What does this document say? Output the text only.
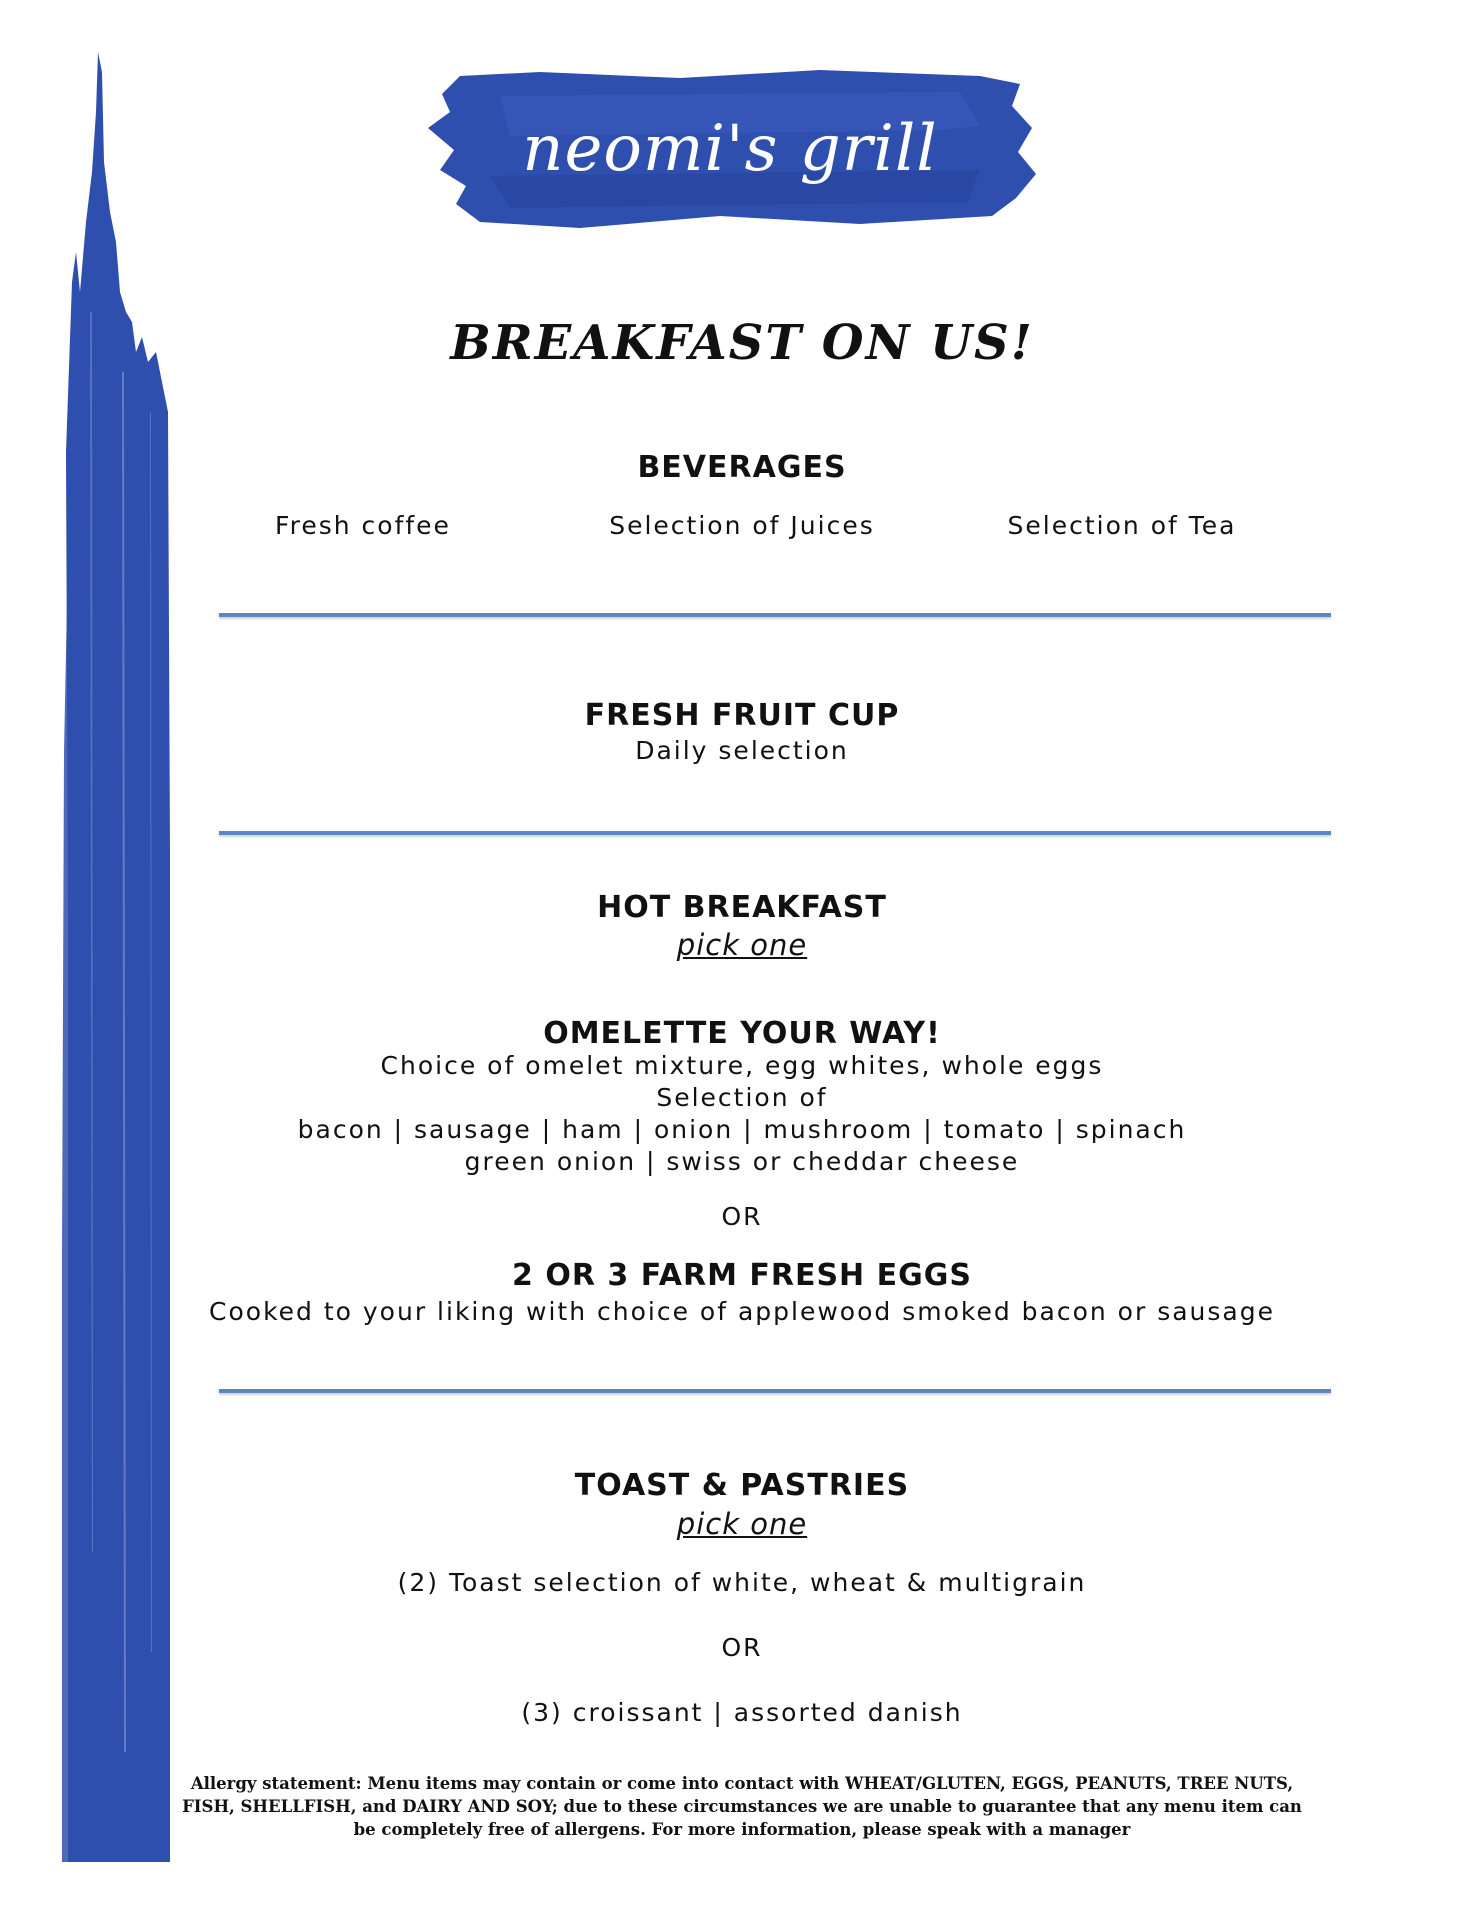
neomi's grill
BREAKFAST ON US!
BEVERAGES
Fresh coffee	Selection of Juices	Selection of Tea
FRESH FRUIT CUP
Daily selection
HOT BREAKFAST
pick one
OMELETTE YOUR WAY!
Choice of omelet mixture, egg whites, whole eggs
Selection of
bacon | sausage | ham | onion | mushroom | tomato | spinach
green onion | swiss or cheddar cheese
OR
2 OR 3 FARM FRESH EGGS
Cooked to your liking with choice of applewood smoked bacon or sausage
TOAST & PASTRIES
pick one
(2) Toast selection of white, wheat & multigrain
OR
(3) croissant | assorted danish
Allergy statement: Menu items may contain or come into contact with WHEAT/GLUTEN, EGGS, PEANUTS, TREE NUTS,
FISH, SHELLFISH, and DAIRY AND SOY; due to these circumstances we are unable to guarantee that any menu item can
be completely free of allergens. For more information, please speak with a manager
